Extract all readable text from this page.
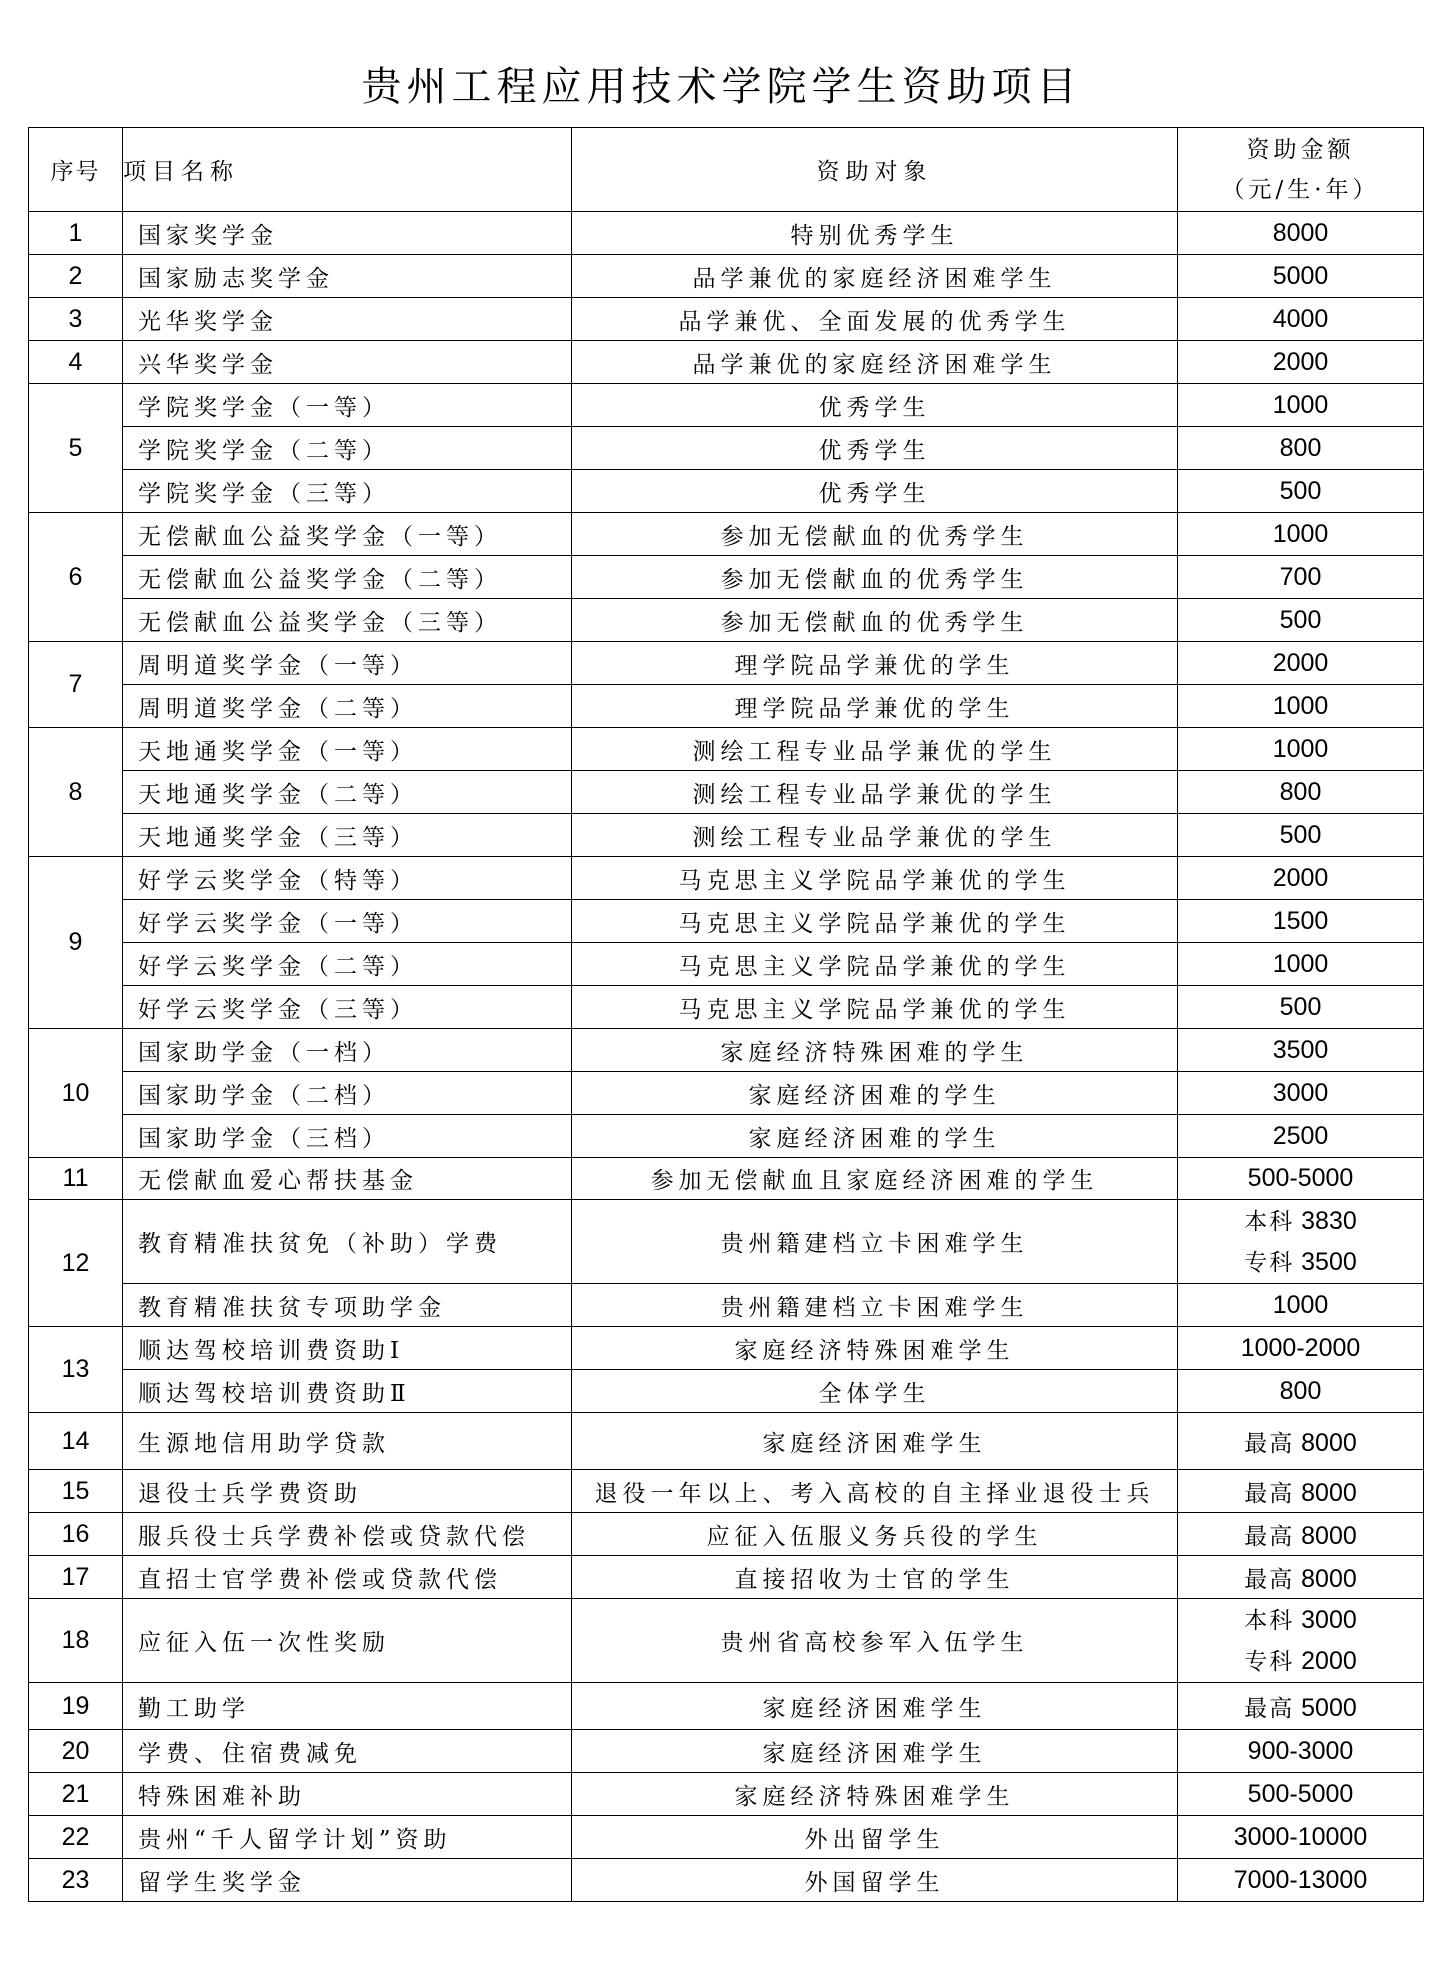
贵州工程应用技术学院学生资助项目
序号	项目名称	资助对象	资助金额
（元/生·年）

1	国家奖学金	特别优秀学生	8000
2	国家励志奖学金	品学兼优的家庭经济困难学生	5000
3	光华奖学金	品学兼优、全面发展的优秀学生	4000
4	兴华奖学金	品学兼优的家庭经济困难学生	2000
5	学院奖学金（一等）	优秀学生	1000
	学院奖学金（二等）	优秀学生	800
	学院奖学金（三等）	优秀学生	500
6	无偿献血公益奖学金（一等）	参加无偿献血的优秀学生	1000
	无偿献血公益奖学金（二等）	参加无偿献血的优秀学生	700
	无偿献血公益奖学金（三等）	参加无偿献血的优秀学生	500
7	周明道奖学金（一等）	理学院品学兼优的学生	2000
	周明道奖学金（二等）	理学院品学兼优的学生	1000
8	天地通奖学金（一等）	测绘工程专业品学兼优的学生	1000
	天地通奖学金（二等）	测绘工程专业品学兼优的学生	800
	天地通奖学金（三等）	测绘工程专业品学兼优的学生	500
9	好学云奖学金（特等）	马克思主义学院品学兼优的学生	2000
	好学云奖学金（一等）	马克思主义学院品学兼优的学生	1500
	好学云奖学金（二等）	马克思主义学院品学兼优的学生	1000
	好学云奖学金（三等）	马克思主义学院品学兼优的学生	500
10	国家助学金（一档）	家庭经济特殊困难的学生	3500
	国家助学金（二档）	家庭经济困难的学生	3000
	国家助学金（三档）	家庭经济困难的学生	2500
11	无偿献血爱心帮扶基金	参加无偿献血且家庭经济困难的学生	500-5000
12	教育精准扶贫免（补助）学费	贵州籍建档立卡困难学生	本科 3830
专科 3500

	教育精准扶贫专项助学金	贵州籍建档立卡困难学生	1000
13	顺达驾校培训费资助Ⅰ	家庭经济特殊困难学生	1000-2000
	顺达驾校培训费资助Ⅱ	全体学生	800
14	生源地信用助学贷款	家庭经济困难学生	最高 8000
15	退役士兵学费资助	退役一年以上、考入高校的自主择业退役士兵	最高 8000
16	服兵役士兵学费补偿或贷款代偿	应征入伍服义务兵役的学生	最高 8000
17	直招士官学费补偿或贷款代偿	直接招收为士官的学生	最高 8000
18	应征入伍一次性奖励	贵州省高校参军入伍学生	本科 3000
专科 2000

19	勤工助学	家庭经济困难学生	最高 5000
20	学费、住宿费减免	家庭经济困难学生	900-3000
21	特殊困难补助	家庭经济特殊困难学生	500-5000
22	贵州“千人留学计划”资助	外出留学生	3000-10000
23	留学生奖学金	外国留学生	7000-13000
